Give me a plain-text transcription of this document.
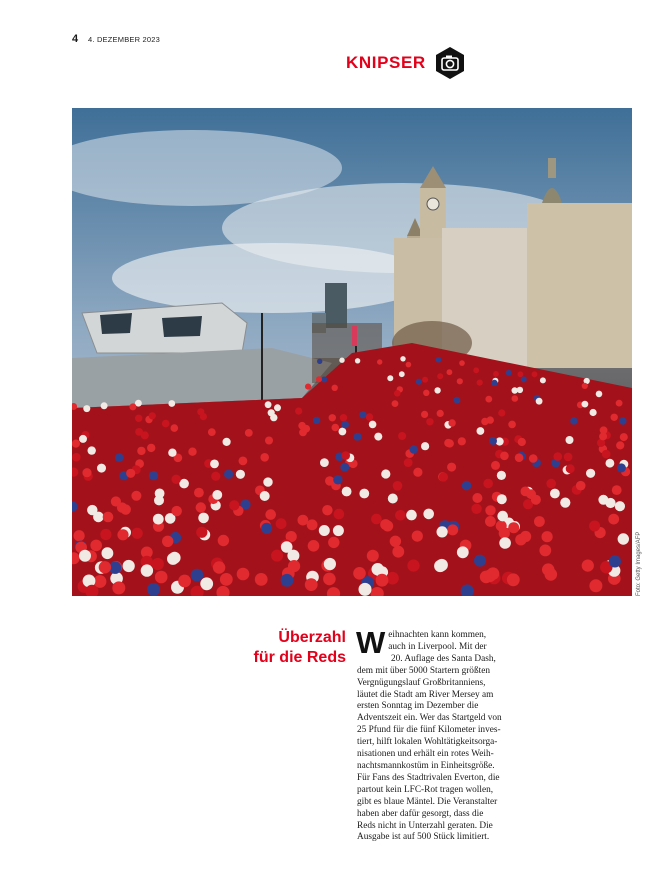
4 4. DEZEMBER 2023
KNIPSER
Foto: Getty Images/AFP
Überzahl
für die Reds W eihnachten kann kommen,
auch in Liverpool. Mit der
20. Auflage des Santa Dash,
dem mit über 5000 Startern größten
Vergnügungslauf Großbritanniens,
läutet die Stadt am River Mersey am
ersten Sonntag im Dezember die
Adventszeit ein. Wer das Startgeld von
25 Pfund für die fünf Kilometer inves-
tiert, hilft lokalen Wohltätigkeitsorga-
nisationen und erhält ein rotes Weih-
nachtsmannkostüm in Einheitsgröße.
Für Fans des Stadtrivalen Everton, die
partout kein LFC-Rot tragen wollen,
gibt es blaue Mäntel. Die Veranstalter
haben aber dafür gesorgt, dass die
Reds nicht in Unterzahl geraten. Die
Ausgabe ist auf 500 Stück limitiert.
